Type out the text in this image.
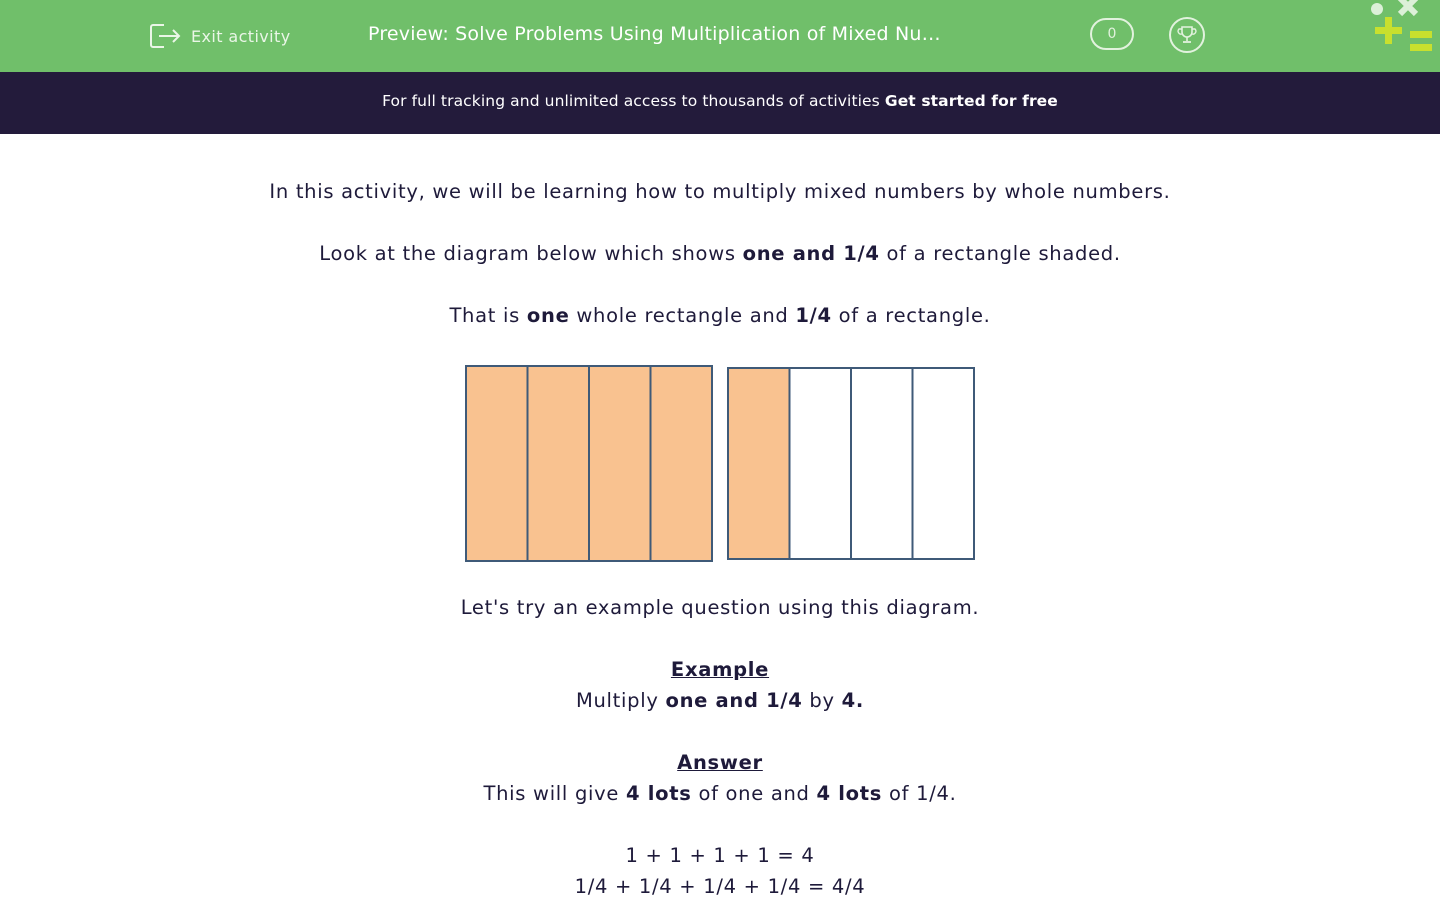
Exit activity	Preview: Solve Problems Using Multiplication of Mixed Nu…	0
For full tracking and unlimited access to thousands of activities Get started for free
In this activity, we will be learning how to multiply mixed numbers by whole numbers.
Look at the diagram below which shows one and 1/4 of a rectangle shaded.
That is one whole rectangle and 1/4 of a rectangle.
Let's try an example question using this diagram.
Example
Multiply one and 1/4 by 4.
Answer
This will give 4 lots of one and 4 lots of 1/4.
1 + 1 + 1 + 1 = 4
1/4 + 1/4 + 1/4 + 1/4 = 4/4
